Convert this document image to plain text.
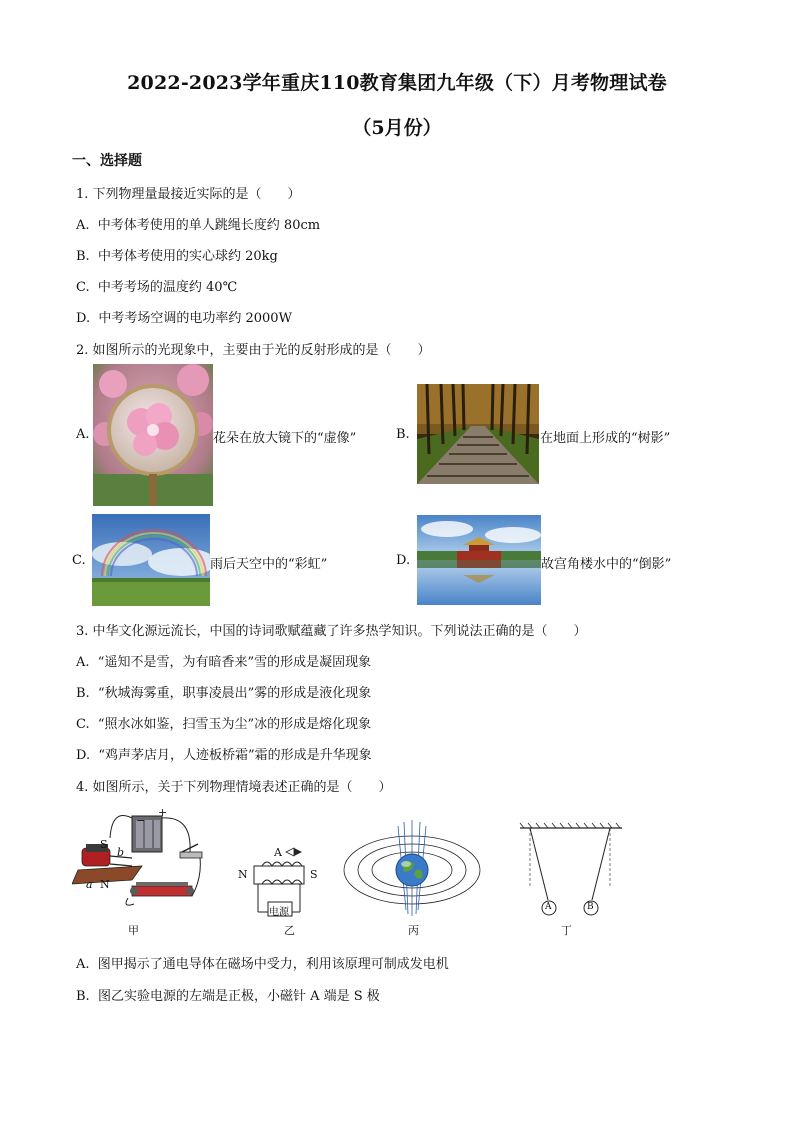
2022-2023学年重庆110教育集团九年级（下）月考物理试卷
（5月份）
一、选择题
1. 下列物理量最接近实际的是（　　）
A. 中考体考使用的单人跳绳长度约 80cm
B. 中考体考使用的实心球约 20kg
C. 中考考场的温度约 40℃
D. 中考考场空调的电功率约 2000W
2. 如图所示的光现象中，主要由于光的反射形成的是（　　）
A.	花朵在放大镜下的“虚像”	B.	在地面上形成的“树影”
C.	雨后天空中的“彩虹”	D.	故宫角楼水中的“倒影”
3. 中华文化源远流长，中国的诗词歌赋蕴藏了许多热学知识。下列说法正确的是（　　）
A. “遥知不是雪，为有暗香来”雪的形成是凝固现象
B. “秋城海雾重，职事凌晨出”雾的形成是液化现象
C. “照水冰如鉴，扫雪玉为尘”冰的形成是熔化现象
D. “鸡声茅店月，人迹板桥霜”霜的形成是升华现象
4. 如图所示，关于下列物理情境表述正确的是（　　）
+
−
S
b
N
a
甲
A
N	S
电源
乙	丙
A	B
丁
A. 图甲揭示了通电导体在磁场中受力，利用该原理可制成发电机
B. 图乙实验电源的左端是正极，小磁针 A 端是 S 极
